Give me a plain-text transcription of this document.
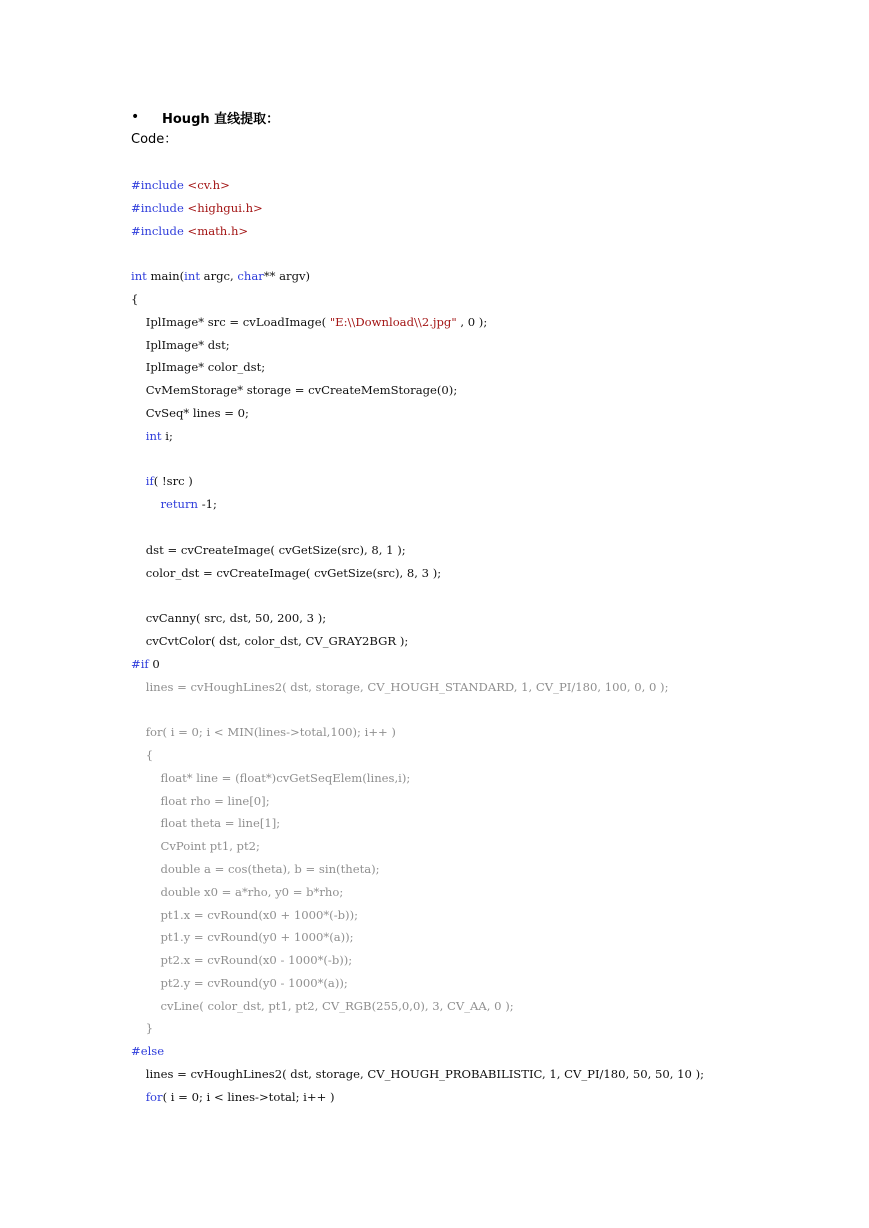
•	Hough 直线提取：
Code：
#include <cv.h>
#include <highgui.h>
#include <math.h>

int main(int argc, char** argv)
{
IplImage* src = cvLoadImage( "E:\\Download\\2.jpg" , 0 );
IplImage* dst;
IplImage* color_dst;
CvMemStorage* storage = cvCreateMemStorage(0);
CvSeq* lines = 0;
int i;

if( !src )
return -1;

dst = cvCreateImage( cvGetSize(src), 8, 1 );
color_dst = cvCreateImage( cvGetSize(src), 8, 3 );

cvCanny( src, dst, 50, 200, 3 );
cvCvtColor( dst, color_dst, CV_GRAY2BGR );
#if 0
lines = cvHoughLines2( dst, storage, CV_HOUGH_STANDARD, 1, CV_PI/180, 100, 0, 0 );

for( i = 0; i < MIN(lines->total,100); i++ )
{
float* line = (float*)cvGetSeqElem(lines,i);
float rho = line[0];
float theta = line[1];
CvPoint pt1, pt2;
double a = cos(theta), b = sin(theta);
double x0 = a*rho, y0 = b*rho;
pt1.x = cvRound(x0 + 1000*(-b));
pt1.y = cvRound(y0 + 1000*(a));
pt2.x = cvRound(x0 - 1000*(-b));
pt2.y = cvRound(y0 - 1000*(a));
cvLine( color_dst, pt1, pt2, CV_RGB(255,0,0), 3, CV_AA, 0 );
}
#else
lines = cvHoughLines2( dst, storage, CV_HOUGH_PROBABILISTIC, 1, CV_PI/180, 50, 50, 10 );
for( i = 0; i < lines->total; i++ )
